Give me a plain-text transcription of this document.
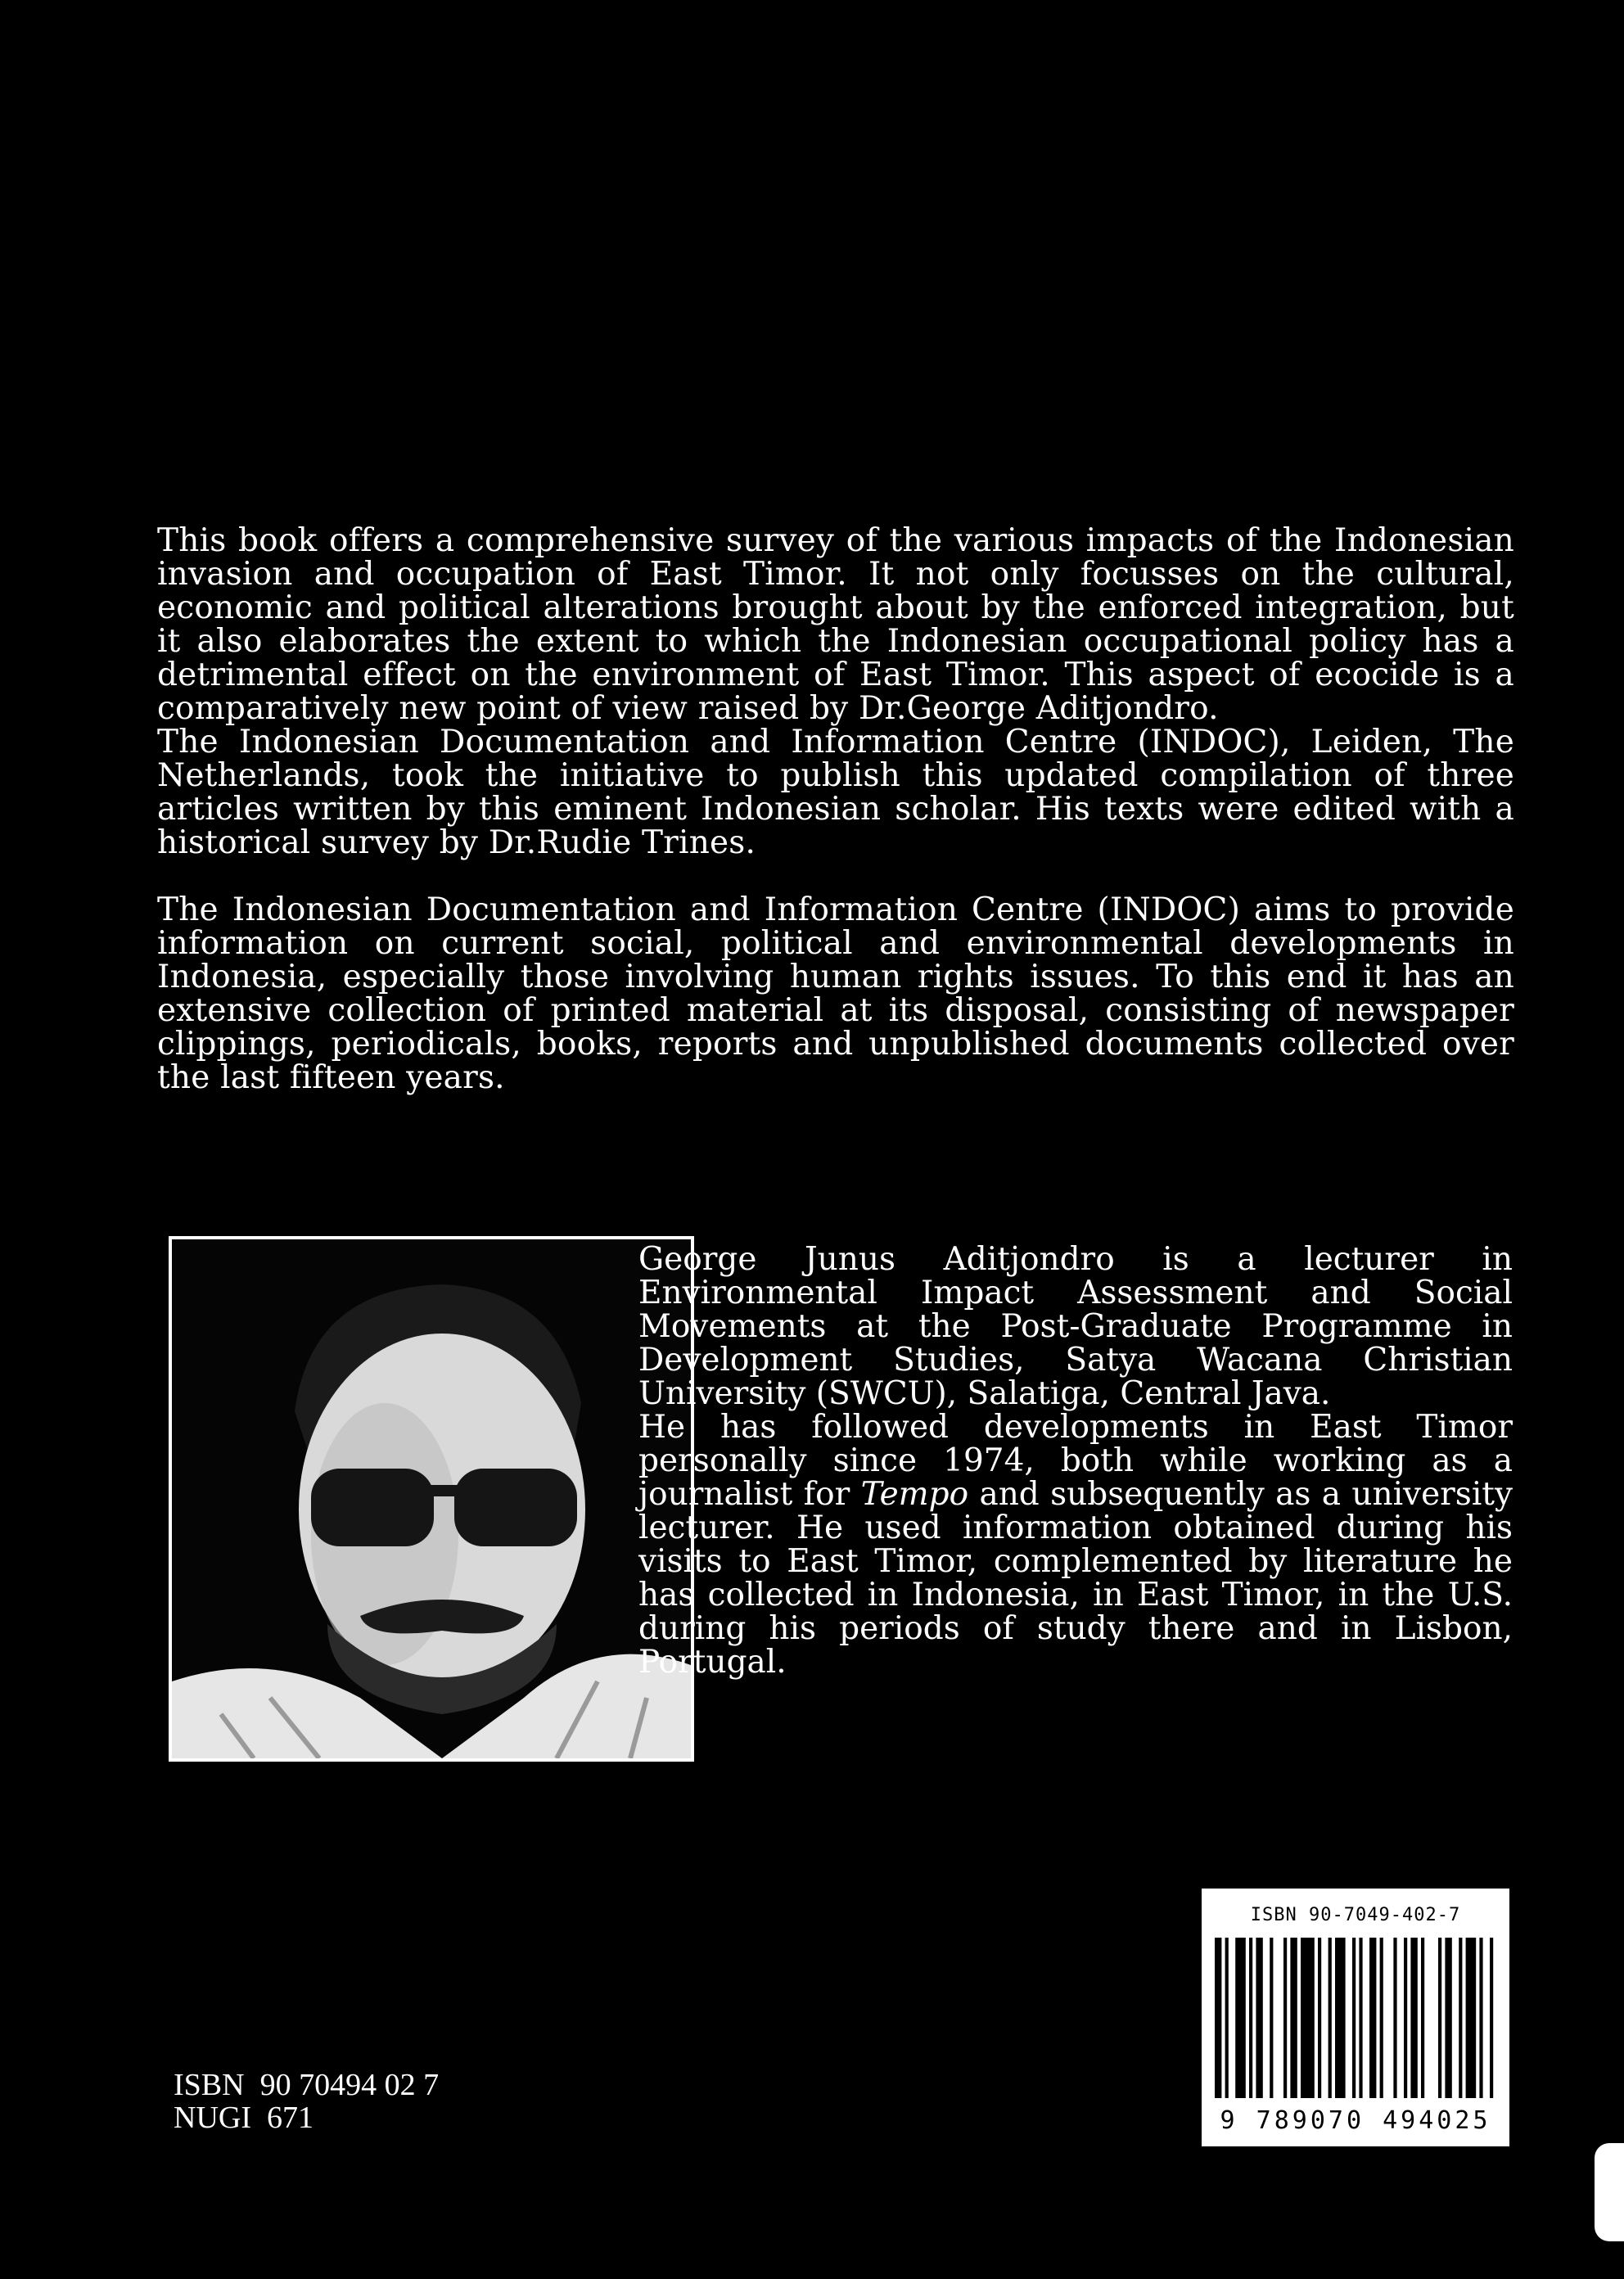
This book offers a comprehensive survey of the various impacts of the Indonesian invasion and occupation of East Timor. It not only focusses on the cultural, economic and political alterations brought about by the enforced integration, but it also elaborates the extent to which the Indonesian occupational policy has a detrimental effect on the environment of East Timor. This aspect of ecocide is a comparatively new point of view raised by Dr.George Aditjondro.

The Indonesian Documentation and Information Centre (INDOC), Leiden, The Netherlands, took the initiative to publish this updated compilation of three articles written by this eminent Indonesian scholar. His texts were edited with a historical survey by Dr.Rudie Trines.

The Indonesian Documentation and Information Centre (INDOC) aims to provide information on current social, political and environmental developments in Indonesia, especially those involving human rights issues. To this end it has an extensive collection of printed material at its disposal, consisting of newspaper clippings, periodicals, books, reports and unpublished documents collected over the last fifteen years.

George Junus Aditjondro is a lecturer in Environmental Impact Assessment and Social Movements at the Post-Graduate Programme in Development Studies, Satya Wacana Christian University (SWCU), Salatiga, Central Java.

He has followed developments in East Timor personally since 1974, both while working as a journalist for Tempo and subsequently as a university lecturer. He used information obtained during his visits to East Timor, complemented by literature he has collected in Indonesia, in East Timor, in the U.S. during his periods of study there and in Lisbon, Portugal.

ISBN  90 70494 02 7
NUGI  671
ISBN 90-7049-402-7
9 789070 494025
